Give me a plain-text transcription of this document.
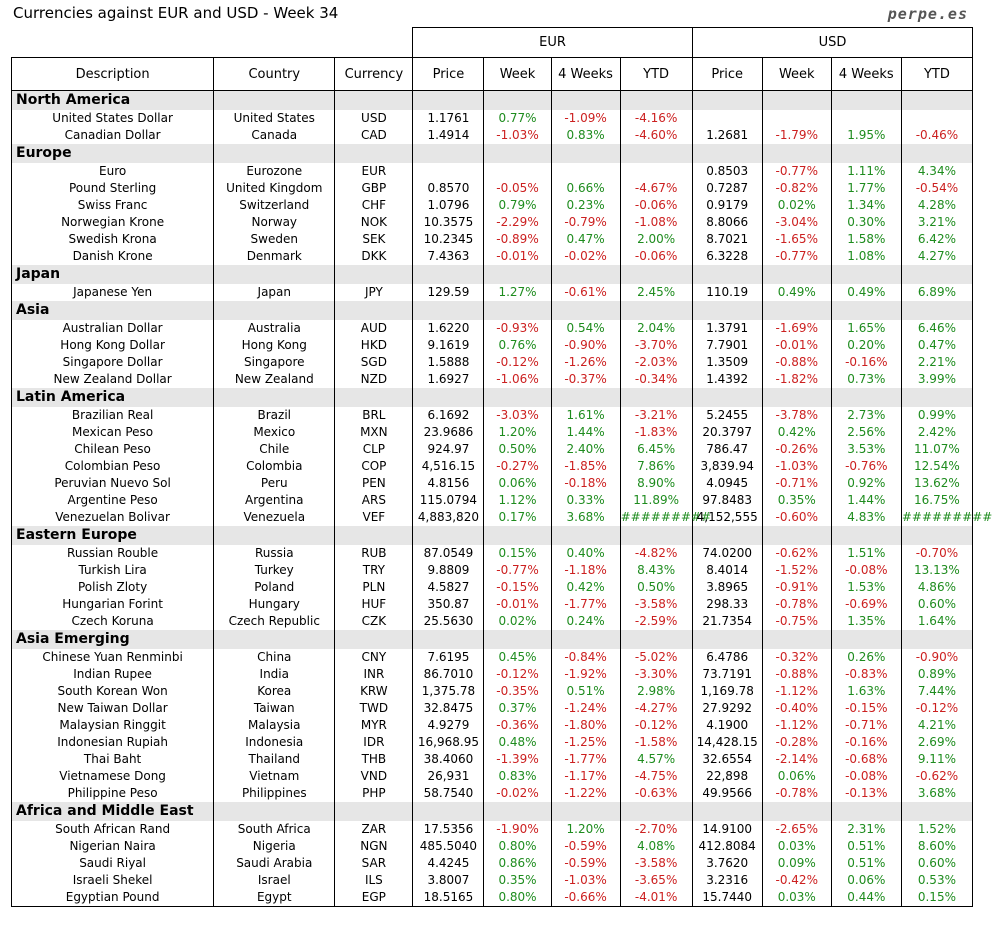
Currencies against EUR and USD - Week 34	perpe.es
EUR	USD
Description	Country	Currency	Price	Week	4 Weeks	YTD	Price	Week	4 Weeks	YTD
North America										
United States Dollar	United States	USD	1.1761	0.77%	-1.09%	-4.16%				
Canadian Dollar	Canada	CAD	1.4914	-1.03%	0.83%	-4.60%	1.2681	-1.79%	1.95%	-0.46%
Europe										
Euro	Eurozone	EUR					0.8503	-0.77%	1.11%	4.34%
Pound Sterling	United Kingdom	GBP	0.8570	-0.05%	0.66%	-4.67%	0.7287	-0.82%	1.77%	-0.54%
Swiss Franc	Switzerland	CHF	1.0796	0.79%	0.23%	-0.06%	0.9179	0.02%	1.34%	4.28%
Norwegian Krone	Norway	NOK	10.3575	-2.29%	-0.79%	-1.08%	8.8066	-3.04%	0.30%	3.21%
Swedish Krona	Sweden	SEK	10.2345	-0.89%	0.47%	2.00%	8.7021	-1.65%	1.58%	6.42%
Danish Krone	Denmark	DKK	7.4363	-0.01%	-0.02%	-0.06%	6.3228	-0.77%	1.08%	4.27%
Japan										
Japanese Yen	Japan	JPY	129.59	1.27%	-0.61%	2.45%	110.19	0.49%	0.49%	6.89%
Asia										
Australian Dollar	Australia	AUD	1.6220	-0.93%	0.54%	2.04%	1.3791	-1.69%	1.65%	6.46%
Hong Kong Dollar	Hong Kong	HKD	9.1619	0.76%	-0.90%	-3.70%	7.7901	-0.01%	0.20%	0.47%
Singapore Dollar	Singapore	SGD	1.5888	-0.12%	-1.26%	-2.03%	1.3509	-0.88%	-0.16%	2.21%
New Zealand Dollar	New Zealand	NZD	1.6927	-1.06%	-0.37%	-0.34%	1.4392	-1.82%	0.73%	3.99%
Latin America										
Brazilian Real	Brazil	BRL	6.1692	-3.03%	1.61%	-3.21%	5.2455	-3.78%	2.73%	0.99%
Mexican Peso	Mexico	MXN	23.9686	1.20%	1.44%	-1.83%	20.3797	0.42%	2.56%	2.42%
Chilean Peso	Chile	CLP	924.97	0.50%	2.40%	6.45%	786.47	-0.26%	3.53%	11.07%
Colombian Peso	Colombia	COP	4,516.15	-0.27%	-1.85%	7.86%	3,839.94	-1.03%	-0.76%	12.54%
Peruvian Nuevo Sol	Peru	PEN	4.8156	0.06%	-0.18%	8.90%	4.0945	-0.71%	0.92%	13.62%
Argentine Peso	Argentina	ARS	115.0794	1.12%	0.33%	11.89%	97.8483	0.35%	1.44%	16.75%
Venezuelan Bolivar	Venezuela	VEF	4,883,820	0.17%	3.68%	#########	4,152,555	-0.60%	4.83%	#########
Eastern Europe										
Russian Rouble	Russia	RUB	87.0549	0.15%	0.40%	-4.82%	74.0200	-0.62%	1.51%	-0.70%
Turkish Lira	Turkey	TRY	9.8809	-0.77%	-1.18%	8.43%	8.4014	-1.52%	-0.08%	13.13%
Polish Zloty	Poland	PLN	4.5827	-0.15%	0.42%	0.50%	3.8965	-0.91%	1.53%	4.86%
Hungarian Forint	Hungary	HUF	350.87	-0.01%	-1.77%	-3.58%	298.33	-0.78%	-0.69%	0.60%
Czech Koruna	Czech Republic	CZK	25.5630	0.02%	0.24%	-2.59%	21.7354	-0.75%	1.35%	1.64%
Asia Emerging										
Chinese Yuan Renminbi	China	CNY	7.6195	0.45%	-0.84%	-5.02%	6.4786	-0.32%	0.26%	-0.90%
Indian Rupee	India	INR	86.7010	-0.12%	-1.92%	-3.30%	73.7191	-0.88%	-0.83%	0.89%
South Korean Won	Korea	KRW	1,375.78	-0.35%	0.51%	2.98%	1,169.78	-1.12%	1.63%	7.44%
New Taiwan Dollar	Taiwan	TWD	32.8475	0.37%	-1.24%	-4.27%	27.9292	-0.40%	-0.15%	-0.12%
Malaysian Ringgit	Malaysia	MYR	4.9279	-0.36%	-1.80%	-0.12%	4.1900	-1.12%	-0.71%	4.21%
Indonesian Rupiah	Indonesia	IDR	16,968.95	0.48%	-1.25%	-1.58%	14,428.15	-0.28%	-0.16%	2.69%
Thai Baht	Thailand	THB	38.4060	-1.39%	-1.77%	4.57%	32.6554	-2.14%	-0.68%	9.11%
Vietnamese Dong	Vietnam	VND	26,931	0.83%	-1.17%	-4.75%	22,898	0.06%	-0.08%	-0.62%
Philippine Peso	Philippines	PHP	58.7540	-0.02%	-1.22%	-0.63%	49.9566	-0.78%	-0.13%	3.68%
Africa and Middle East										
South African Rand	South Africa	ZAR	17.5356	-1.90%	1.20%	-2.70%	14.9100	-2.65%	2.31%	1.52%
Nigerian Naira	Nigeria	NGN	485.5040	0.80%	-0.59%	4.08%	412.8084	0.03%	0.51%	8.60%
Saudi Riyal	Saudi Arabia	SAR	4.4245	0.86%	-0.59%	-3.58%	3.7620	0.09%	0.51%	0.60%
Israeli Shekel	Israel	ILS	3.8007	0.35%	-1.03%	-3.65%	3.2316	-0.42%	0.06%	0.53%
Egyptian Pound	Egypt	EGP	18.5165	0.80%	-0.66%	-4.01%	15.7440	0.03%	0.44%	0.15%
